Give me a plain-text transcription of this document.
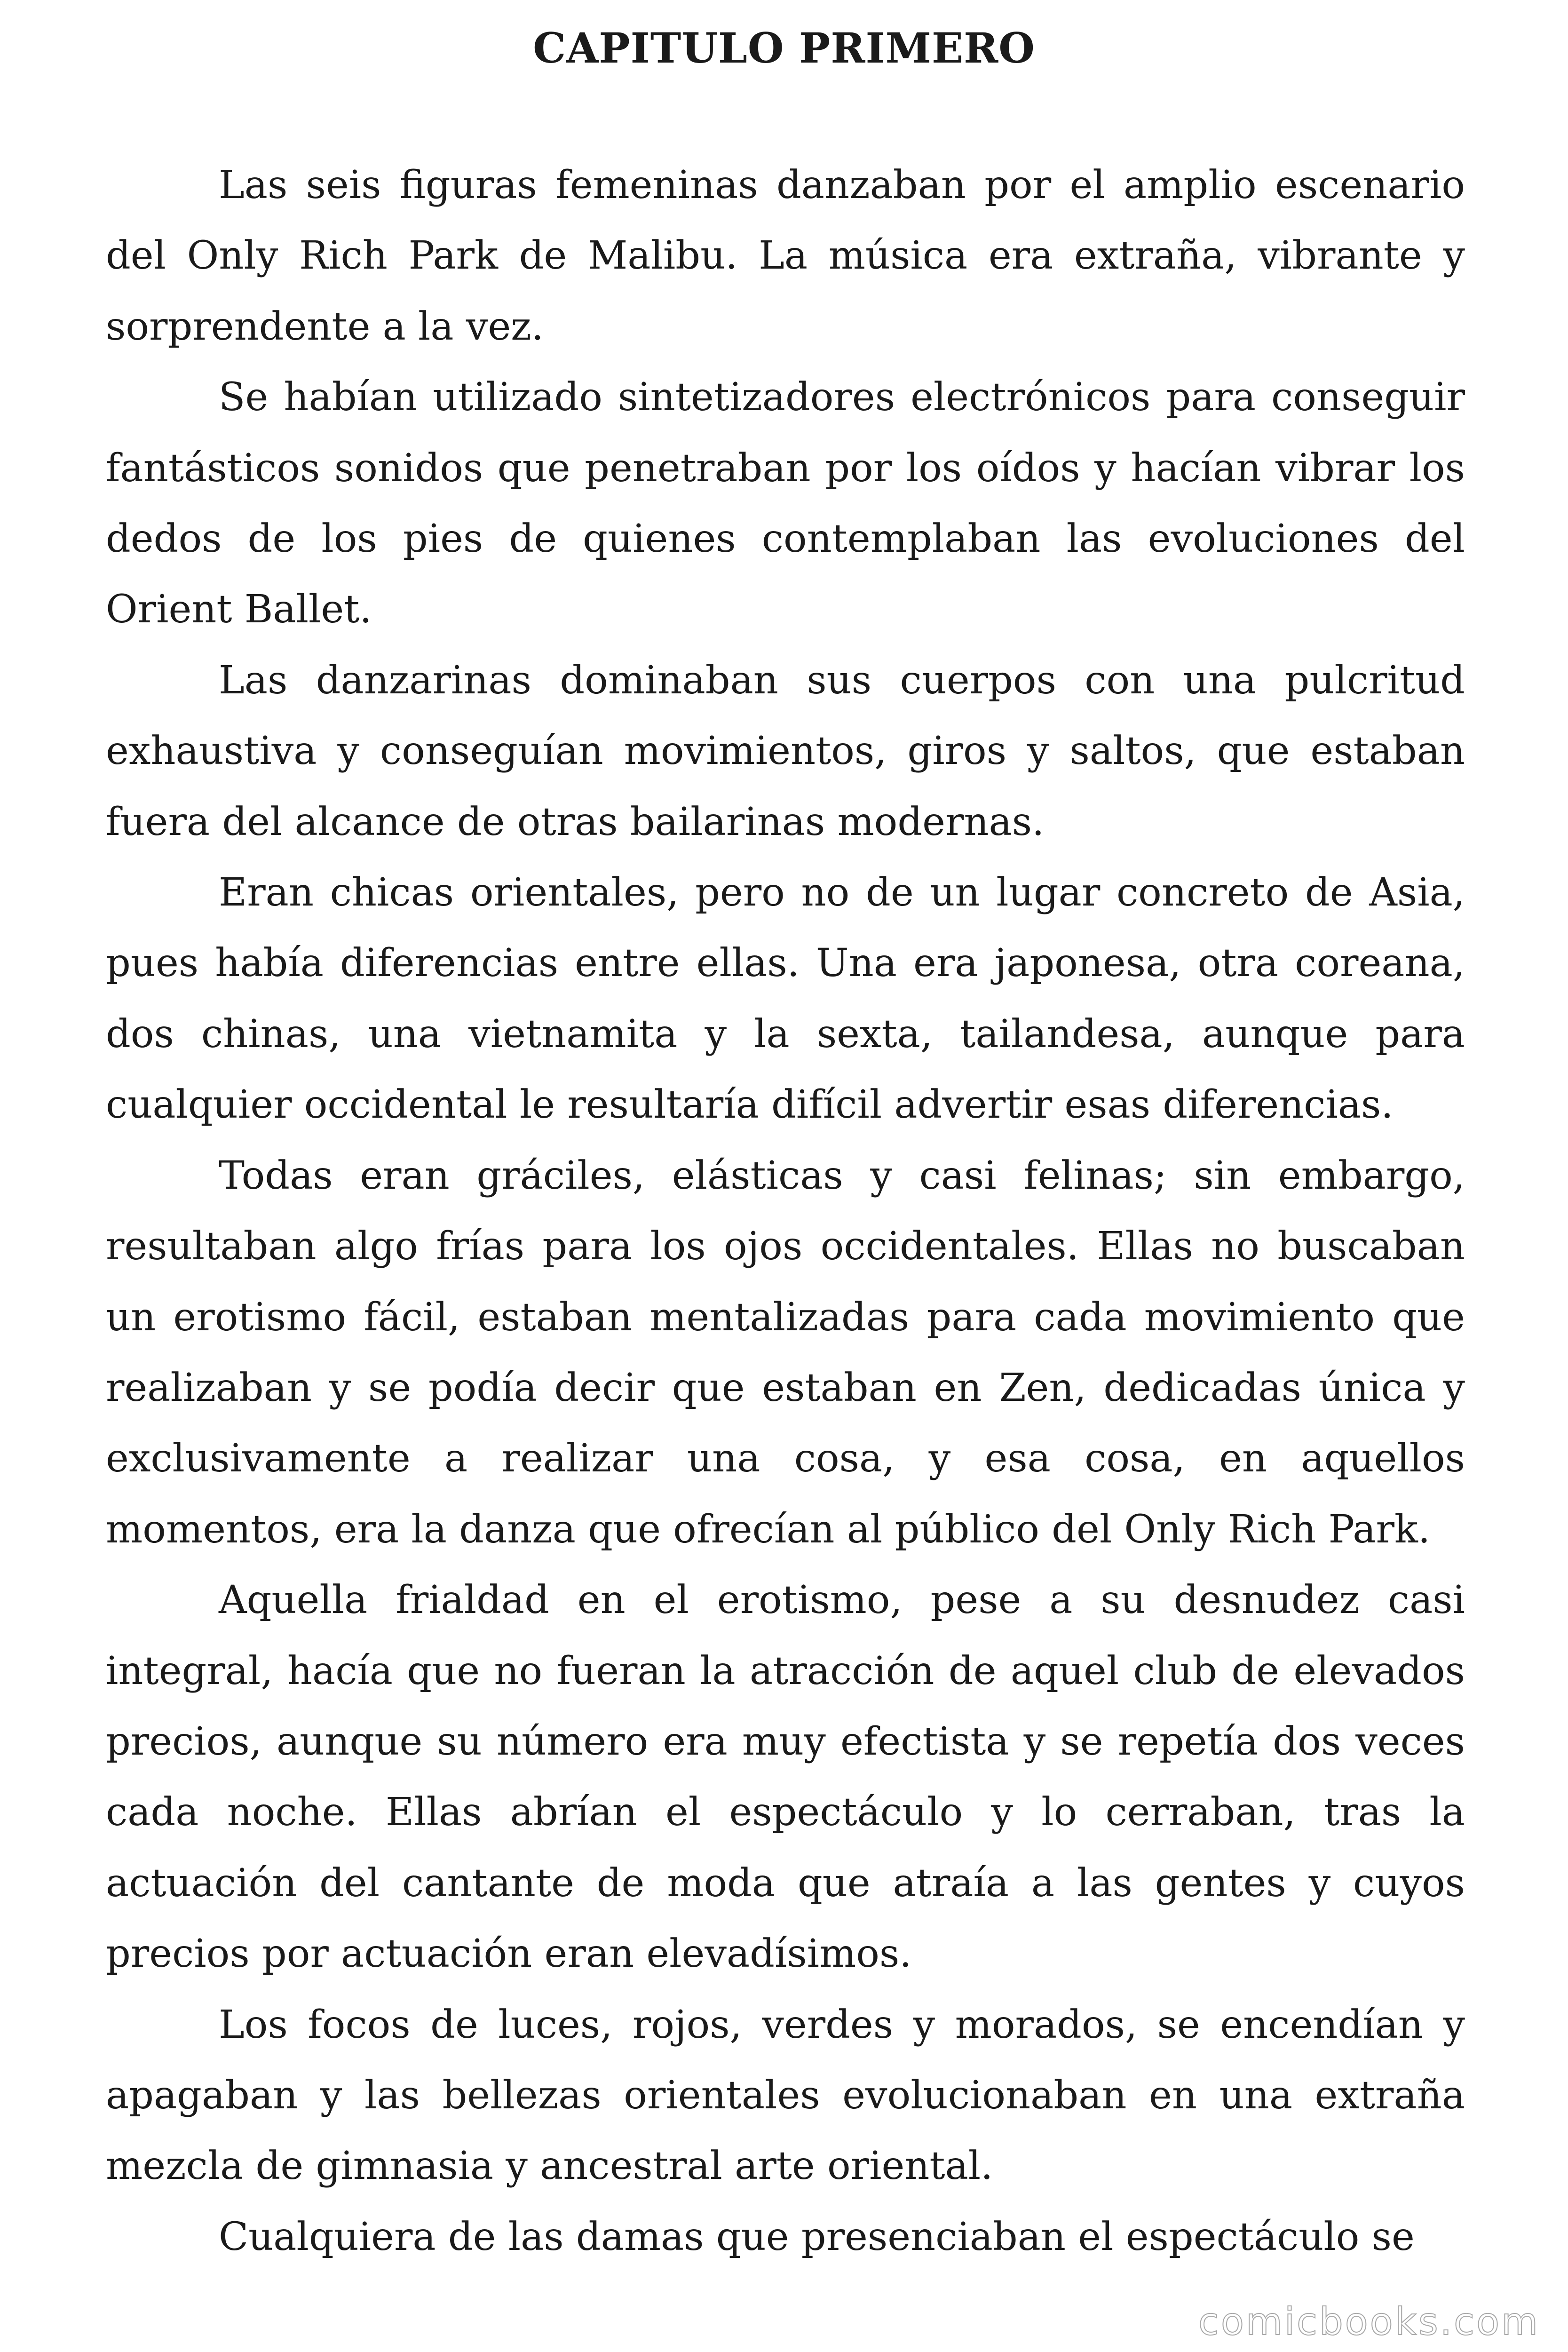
CAPITULO PRIMERO

Las seis figuras femeninas danzaban por el amplio escenario del Only Rich Park de Malibu. La música era extraña, vibrante y sorprendente a la vez.

Se habían utilizado sintetizadores electrónicos para conseguir fantásticos sonidos que penetraban por los oídos y hacían vibrar los dedos de los pies de quienes contemplaban las evoluciones del Orient Ballet.

Las danzarinas dominaban sus cuerpos con una pulcritud exhaustiva y conseguían movimientos, giros y saltos, que estaban fuera del alcance de otras bailarinas modernas.

Eran chicas orientales, pero no de un lugar concreto de Asia, pues había diferencias entre ellas. Una era japonesa, otra coreana, dos chinas, una vietnamita y la sexta, tailandesa, aunque para cualquier occidental le resultaría difícil advertir esas diferencias.

Todas eran gráciles, elásticas y casi felinas; sin embargo, resultaban algo frías para los ojos occidentales. Ellas no buscaban un erotismo fácil, estaban mentalizadas para cada movimiento que realizaban y se podía decir que estaban en Zen, dedicadas única y exclusivamente a realizar una cosa, y esa cosa, en aquellos momentos, era la danza que ofrecían al público del Only Rich Park.

Aquella frialdad en el erotismo, pese a su desnudez casi integral, hacía que no fueran la atracción de aquel club de elevados precios, aunque su número era muy efectista y se repetía dos veces cada noche. Ellas abrían el espectáculo y lo cerraban, tras la actuación del cantante de moda que atraía a las gentes y cuyos precios por actuación eran elevadísimos.

Los focos de luces, rojos, verdes y morados, se encendían y apagaban y las bellezas orientales evolucionaban en una extraña mezcla de gimnasia y ancestral arte oriental.

Cualquiera de las damas que presenciaban el espectáculo se

comicbooks.com
